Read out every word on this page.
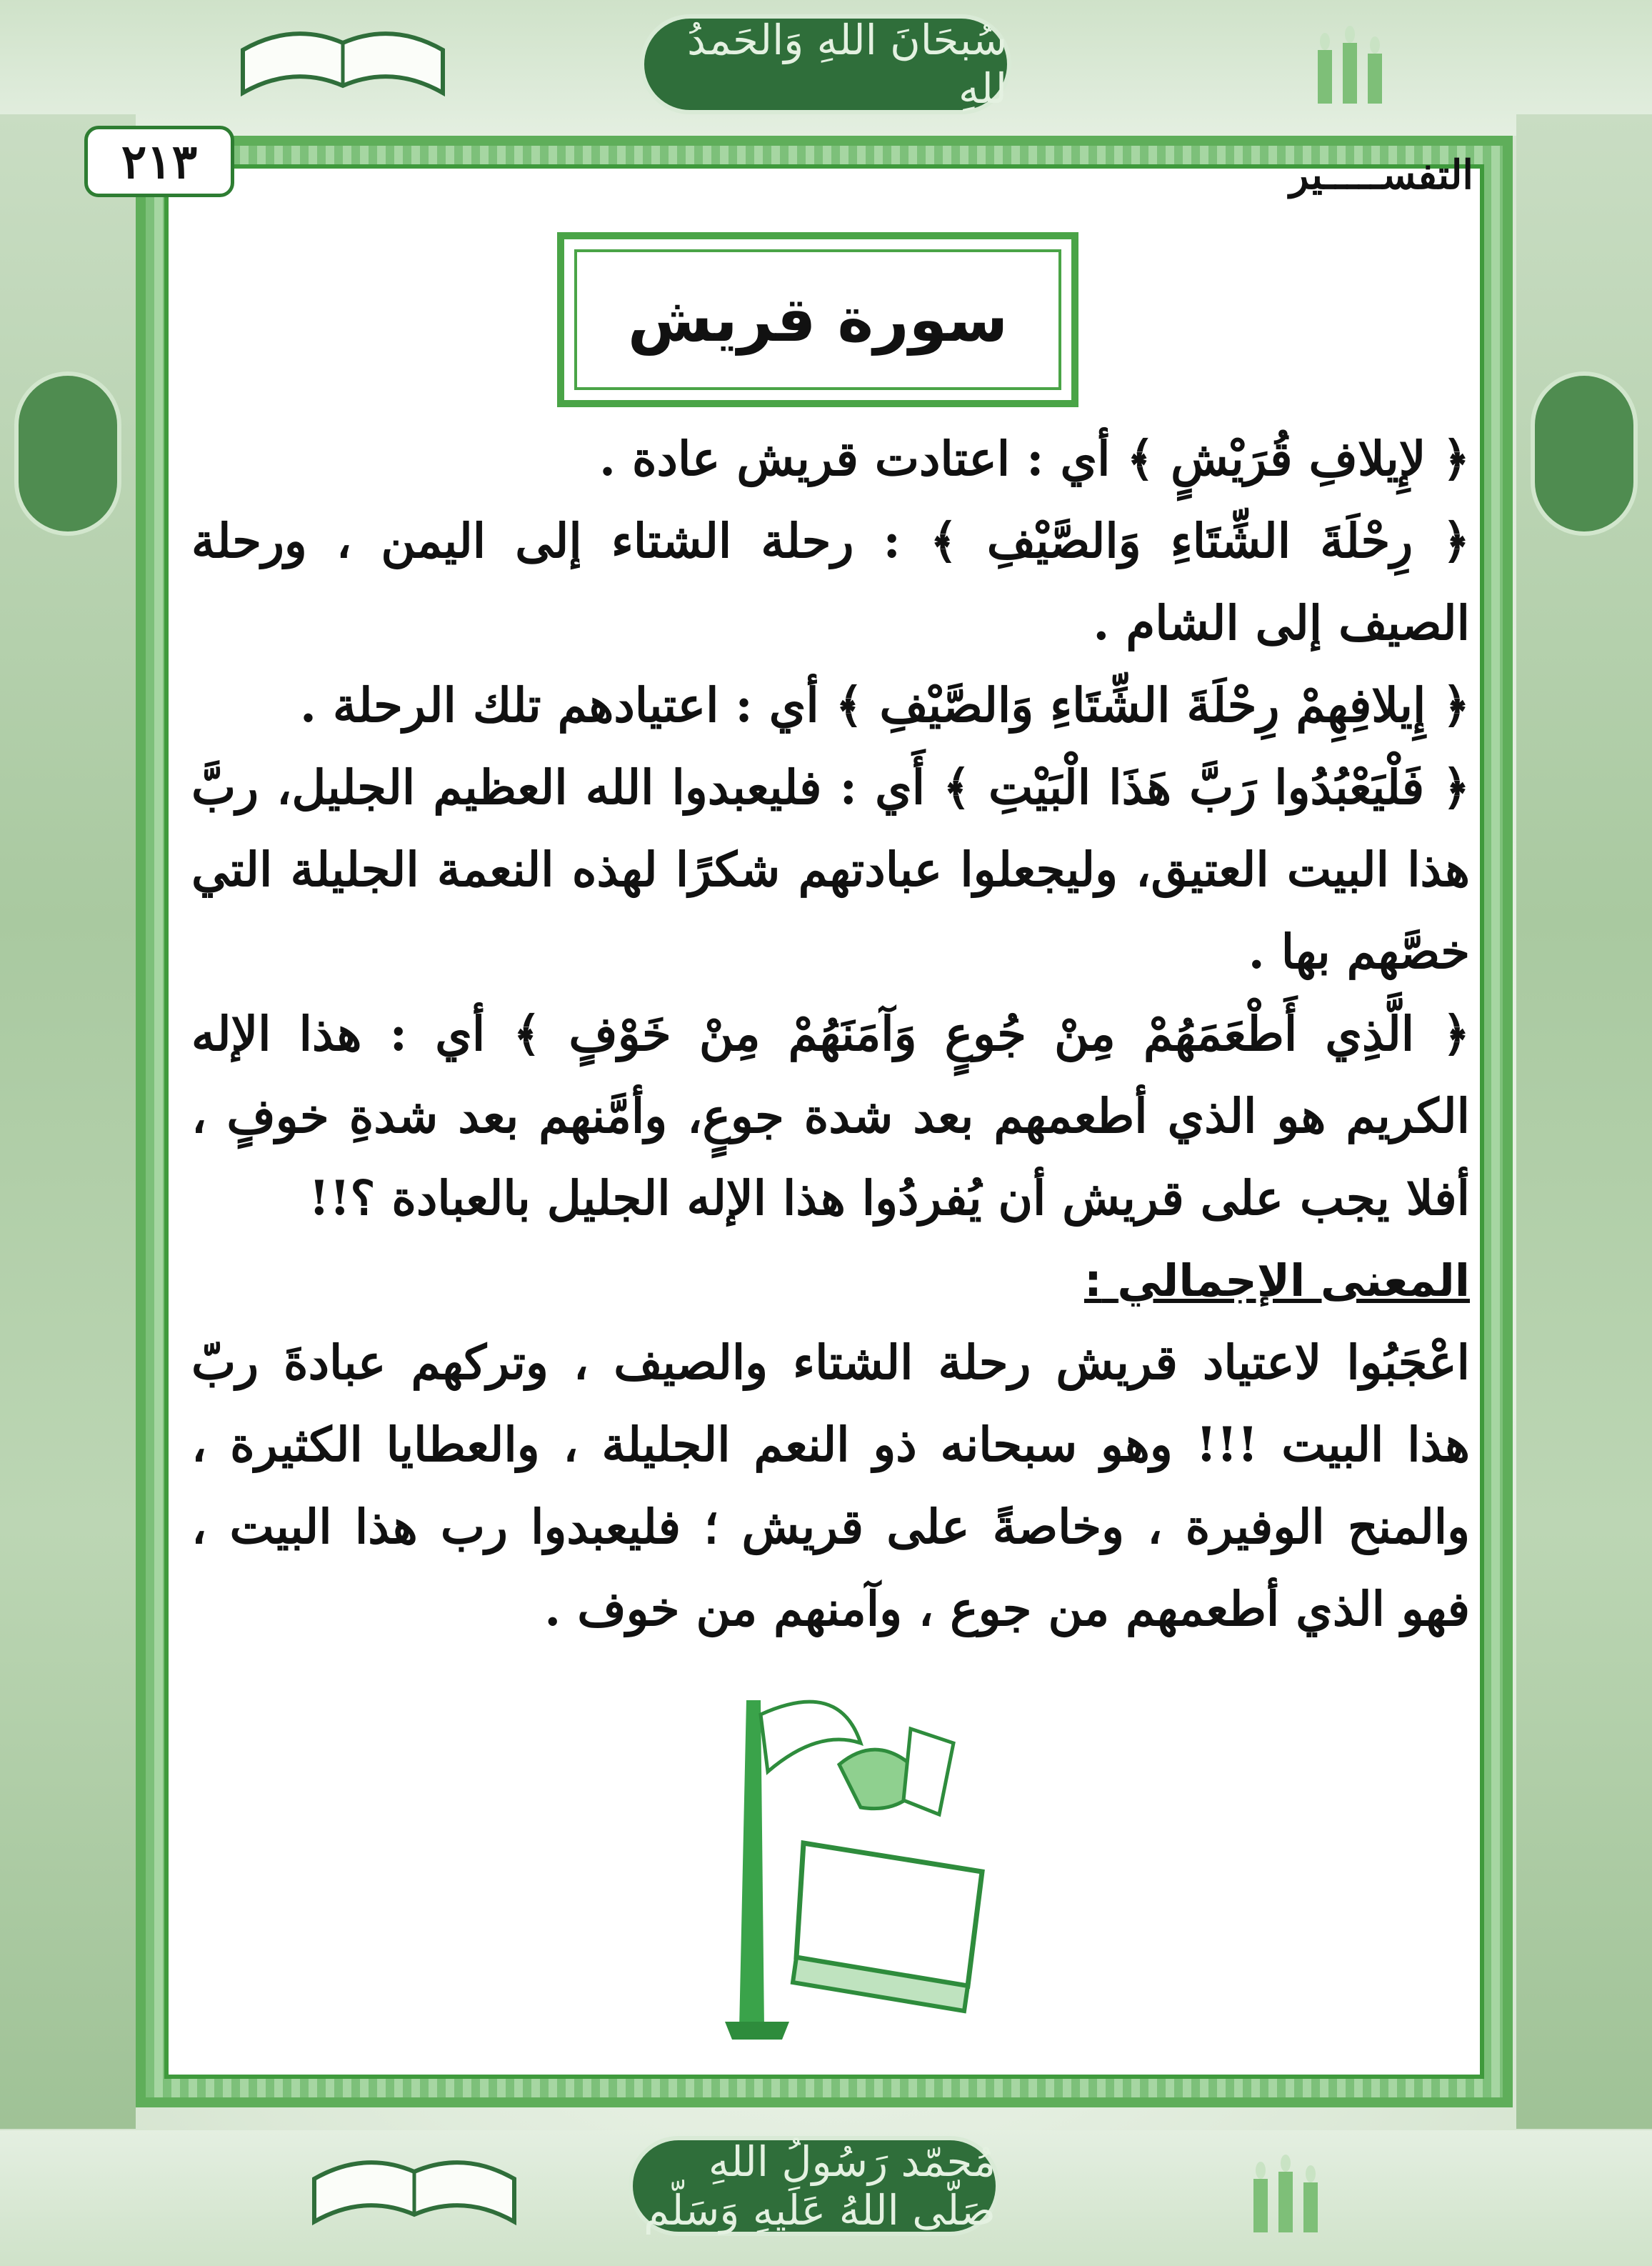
سُبحَانَ اللهِ وَالحَمدُ للهِ
٢١٣	التفســـــير
سورة قريش

﴿ لإِيلافِ قُرَيْشٍ ﴾ أي : اعتادت قريش عادة .

﴿ رِحْلَةَ الشِّتَاءِ وَالصَّيْفِ ﴾ : رحلة الشتاء إلى اليمن ، ورحلة الصيف إلى الشام .

﴿ إِيلافِهِمْ رِحْلَةَ الشِّتَاءِ وَالصَّيْفِ ﴾ أي : اعتيادهم تلك الرحلة .

﴿ فَلْيَعْبُدُوا رَبَّ هَذَا الْبَيْتِ ﴾ أَي : فليعبدوا الله العظيم الجليل، ربَّ هذا البيت العتيق، وليجعلوا عبادتهم شكرًا لهذه النعمة الجليلة التي خصَّهم بها .

﴿ الَّذِي أَطْعَمَهُمْ مِنْ جُوعٍ وَآمَنَهُمْ مِنْ خَوْفٍ ﴾ أي : هذا الإله الكريم هو الذي أطعمهم بعد شدة جوعٍ، وأمَّنهم بعد شدةِ خوفٍ ، أفلا يجب على قريش أن يُفردُوا هذا الإله الجليل بالعبادة ؟!!

المعنى الإجمالي :

اعْجَبُوا لاعتياد قريش رحلة الشتاء والصيف ، وتركهم عبادةَ ربّ هذا البيت !!! وهو سبحانه ذو النعم الجليلة ، والعطايا الكثيرة ، والمنح الوفيرة ، وخاصةً على قريش ؛ فليعبدوا رب هذا البيت ، فهو الذي أطعمهم من جوع ، وآمنهم من خوف .

مُحمّد رَسُولُ اللهِ صَلّى اللهُ عَلَيهِ وَسَلّم
